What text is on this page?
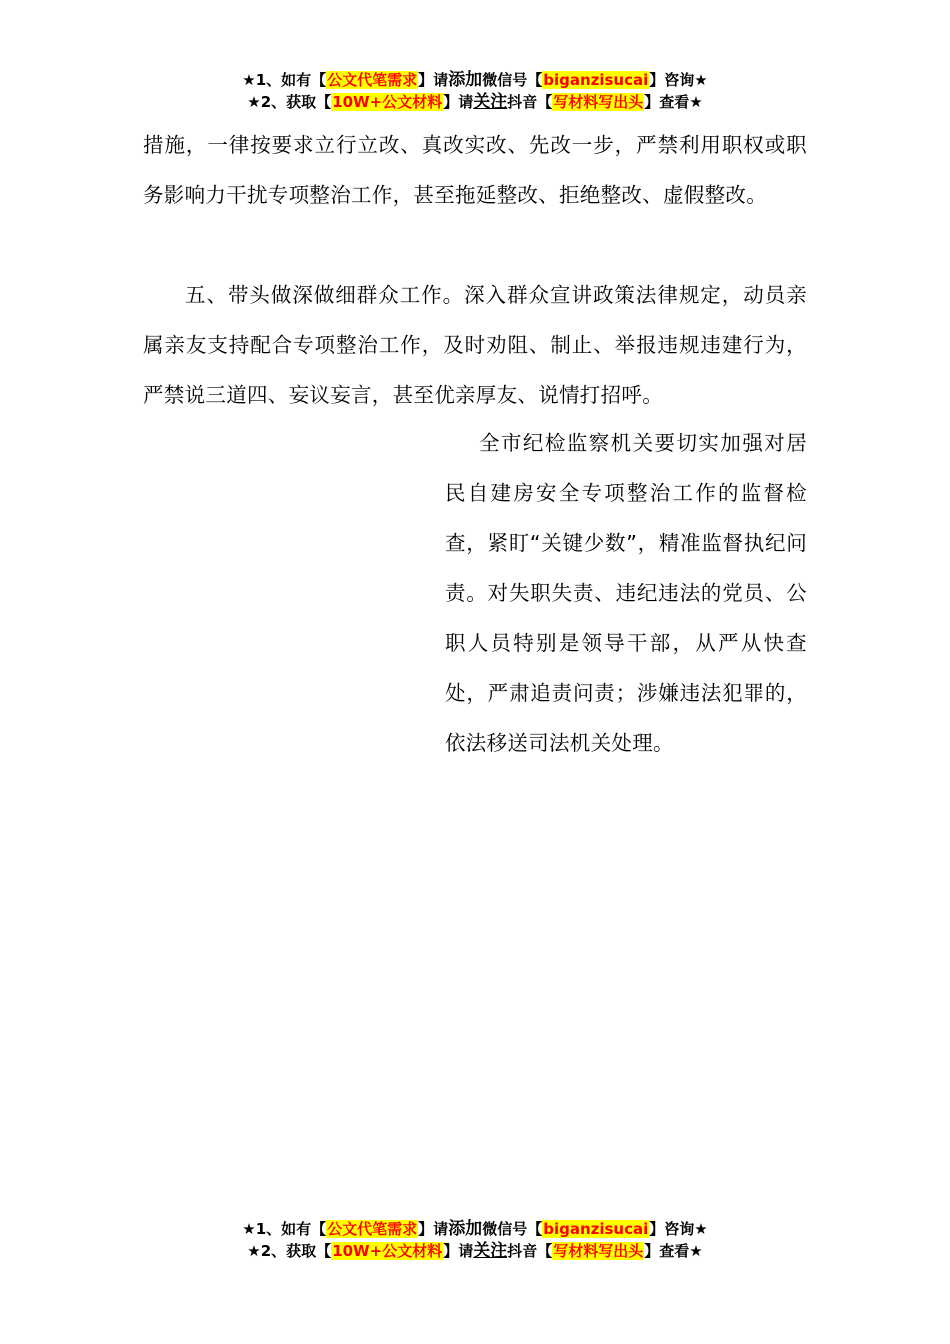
★1、如有【公文代笔需求】请添加微信号【biganzisucai】咨询★
★2、获取【10W+公文材料】请关注抖音【写材料写出头】查看★

措施，一律按要求立行立改、真改实改、先改一步，严禁利用职权或职务影响力干扰专项整治工作，甚至拖延整改、拒绝整改、虚假整改。

五、带头做深做细群众工作。深入群众宣讲政策法律规定，动员亲属亲友支持配合专项整治工作，及时劝阻、制止、举报违规违建行为，严禁说三道四、妄议妄言，甚至优亲厚友、说情打招呼。

全市纪检监察机关要切实加强对居民自建房安全专项整治工作的监督检查，紧盯“关键少数”，精准监督执纪问责。对失职失责、违纪违法的党员、公职人员特别是领导干部，从严从快查处，严肃追责问责；涉嫌违法犯罪的，依法移送司法机关处理。

★1、如有【公文代笔需求】请添加微信号【biganzisucai】咨询★
★2、获取【10W+公文材料】请关注抖音【写材料写出头】查看★
